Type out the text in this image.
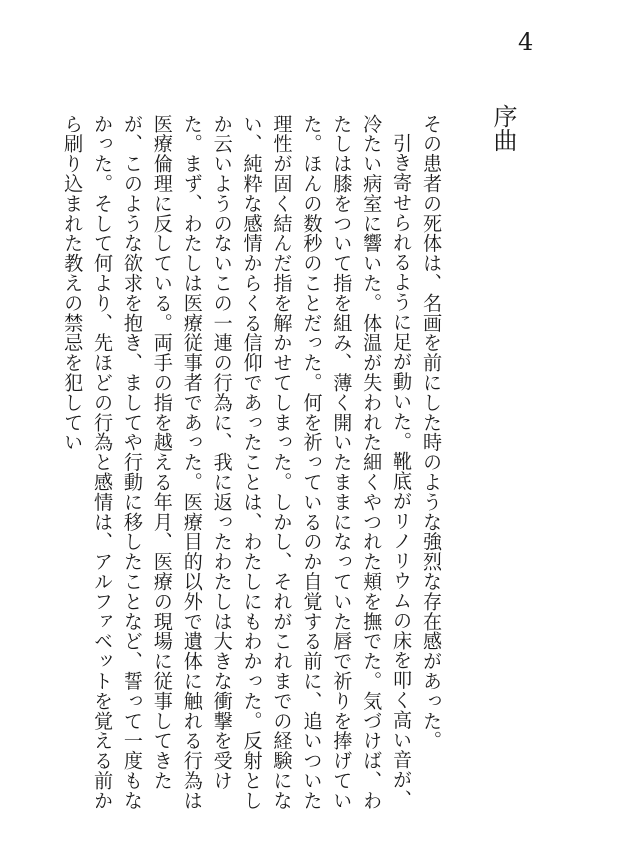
4
序曲

その患者の死体は、名画を前にした時のような強烈な存在感があった。

引き寄せられるように足が動いた。靴底がリノリウムの床を叩く高い音が、冷たい病室に響いた。体温が失われた細くやつれた頬を撫でた。気づけば、わたしは膝をついて指を組み、薄く開いたままになっていた唇で祈りを捧げていた。ほんの数秒のことだった。何を祈っているのか自覚する前に、追いついた理性が固く結んだ指を解かせてしまった。しかし、それがこれまでの経験にない、純粋な感情からくる信仰であったことは、わたしにもわかった。反射としか云いようのないこの一連の行為に、我に返ったわたしは大きな衝撃を受けた。まず、わたしは医療従事者であった。医療目的以外で遺体に触れる行為は医療倫理に反している。両手の指を越える年月、医療の現場に従事してきたが、このような欲求を抱き、ましてや行動に移したことなど、誓って一度もなかった。そして何より、先ほどの行為と感情は、アルファベットを覚える前から刷り込まれた教えの禁忌を犯してい
